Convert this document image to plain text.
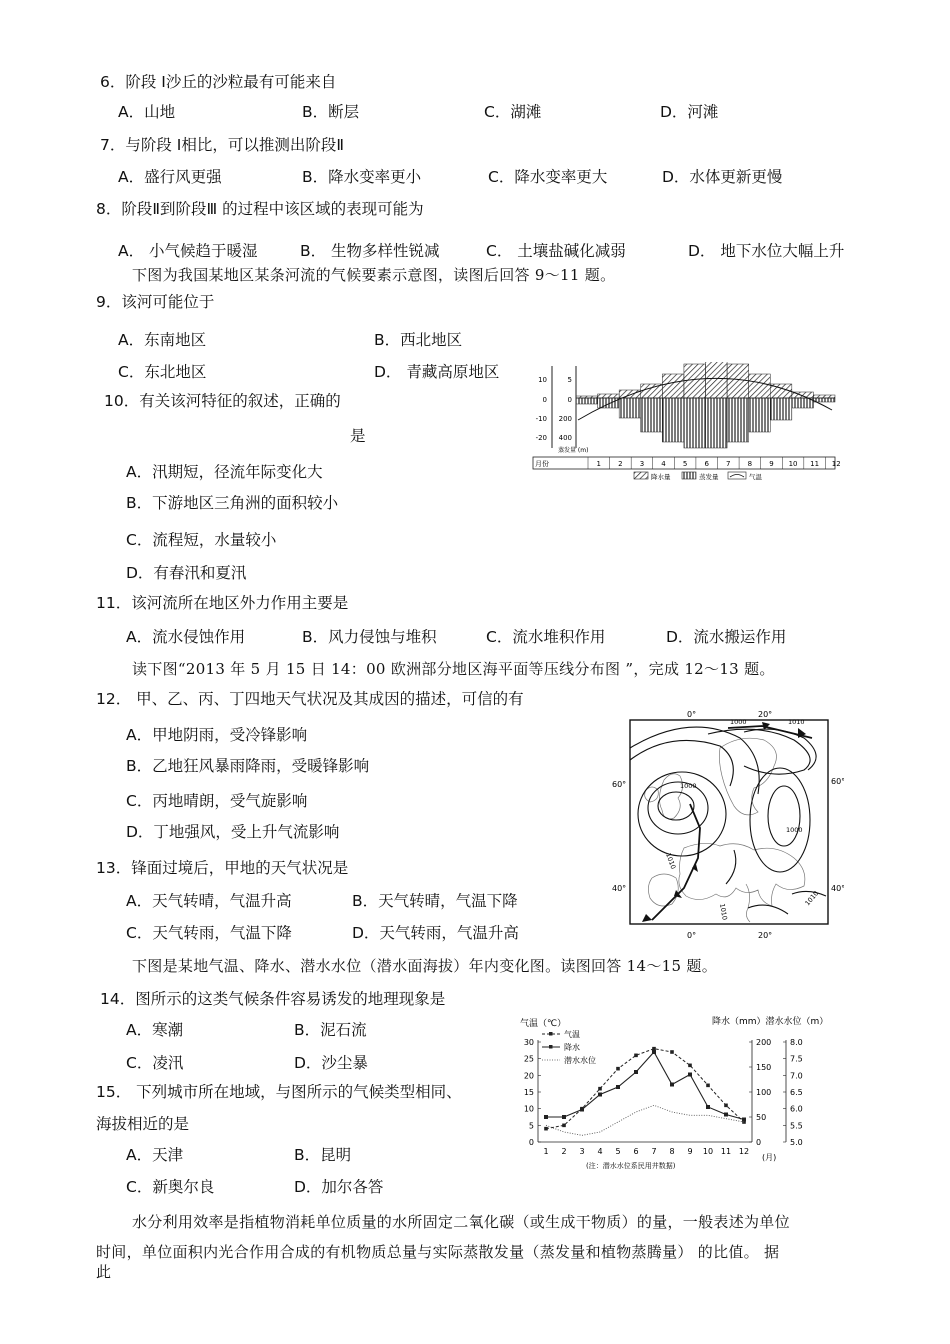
6．阶段 Ⅰ沙丘的沙粒最有可能来自
A．山地	B．断层	C．湖滩	D．河滩
7．与阶段 Ⅰ相比，可以推测出阶段Ⅱ
A．盛行风更强	B．降水变率更小	C．降水变率更大	D．水体更新更慢
8．阶段Ⅱ到阶段Ⅲ 的过程中该区域的表现可能为
A． 小气候趋于暖湿	B． 生物多样性锐减	C． 土壤盐碱化减弱	D． 地下水位大幅上升
下图为我国某地区某条河流的气候要素示意图，读图后回答 9～11 题。
9．该河可能位于
A．东南地区	B．西北地区
C．东北地区	D． 青藏高原地区
10．有关该河特征的叙述，正确的
是
A．汛期短，径流年际变化大
B．下游地区三角洲的面积较小
C．流程短，水量较小
D．有春汛和夏汛
11．该河流所在地区外力作用主要是
A．流水侵蚀作用	B．风力侵蚀与堆积	C．流水堆积作用	D．流水搬运作用
读下图“2013 年 5 月 15 日 14：00 欧洲部分地区海平面等压线分布图 ”，完成 12～13 题。
12． 甲、乙、丙、丁四地天气状况及其成因的描述，可信的有
A．甲地阴雨，受冷锋影响
B．乙地狂风暴雨降雨，受暖锋影响
C．丙地晴朗，受气旋影响
D．丁地强风，受上升气流影响
13．锋面过境后，甲地的天气状况是
A．天气转晴，气温升高	B．天气转晴，气温下降
C．天气转雨，气温下降	D．天气转雨，气温升高
下图是某地气温、降水、潜水水位（潜水面海拔）年内变化图。读图回答 14～15 题。
14．图所示的这类气候条件容易诱发的地理现象是
A．寒潮	B．泥石流
C．凌汛	D．沙尘暴
15． 下列城市所在地域，与图所示的气候类型相同、
海拔相近的是
A．天津	B．昆明
C．新奥尔良	D．加尔各答
水分利用效率是指植物消耗单位质量的水所固定二氧化碳（或生成干物质）的量，一般表述为单位
时间，单位面积内光合作用合成的有机物质总量与实际蒸散发量（蒸发量和植物蒸腾量） 的比值。 据
此
10
0
-10
-20
5
0
200
400
蒸发量 (m)
1 2 3 4 5 6 7 8 9 10 11 12
月份
降水量	蒸发量	气温
0°	20°
0°	20°
60°
40°
60°
40°
1000
1000	1010
1010
1010
1010
1000
气温（℃）	降水（mm）潜水水位（m）
30
25
20
15
10
5
0
200
150
100
50
0
8.0
7.5
7.0
6.5
6.0
5.5
5.0
1 2 3 4 5 6 7 8 9 10 11 12
气温
降水
潜水水位
(月)
(注：潜水水位系民用井数据)
